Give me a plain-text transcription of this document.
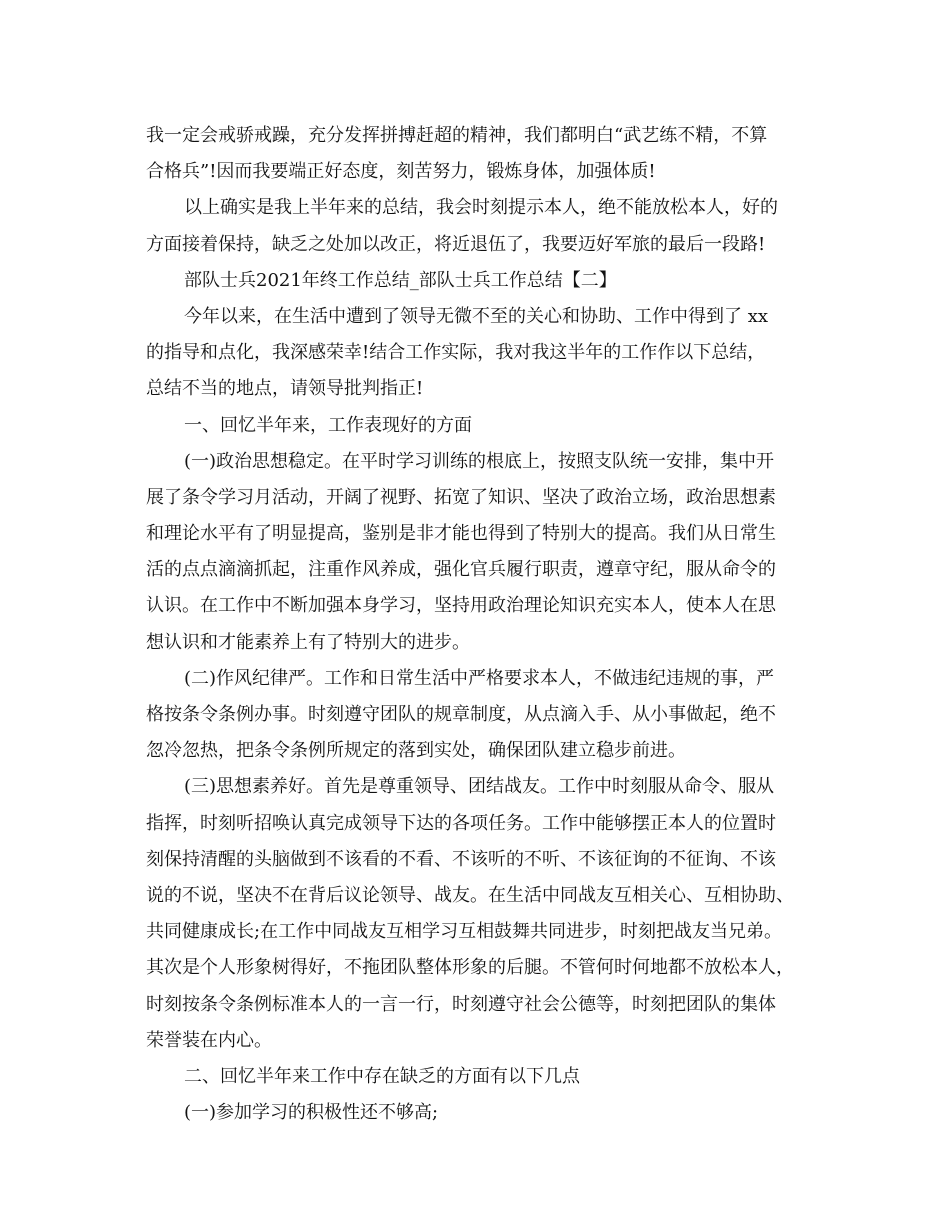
我一定会戒骄戒躁，充分发挥拼搏赶超的精神，我们都明白“武艺练不精，不算
合格兵”!因而我要端正好态度，刻苦努力，锻炼身体，加强体质!
以上确实是我上半年来的总结，我会时刻提示本人，绝不能放松本人，好的
方面接着保持，缺乏之处加以改正，将近退伍了，我要迈好军旅的最后一段路!
部队士兵2021年终工作总结_部队士兵工作总结【二】
今年以来，在生活中遭到了领导无微不至的关心和协助、工作中得到了 xx
的指导和点化，我深感荣幸!结合工作实际，我对我这半年的工作作以下总结，
总结不当的地点，请领导批判指正!
一、回忆半年来，工作表现好的方面
(一)政治思想稳定。在平时学习训练的根底上，按照支队统一安排，集中开
展了条令学习月活动，开阔了视野、拓宽了知识、坚决了政治立场，政治思想素
和理论水平有了明显提高，鉴别是非才能也得到了特别大的提高。我们从日常生
活的点点滴滴抓起，注重作风养成，强化官兵履行职责，遵章守纪，服从命令的
认识。在工作中不断加强本身学习，坚持用政治理论知识充实本人，使本人在思
想认识和才能素养上有了特别大的进步。
(二)作风纪律严。工作和日常生活中严格要求本人，不做违纪违规的事，严
格按条令条例办事。时刻遵守团队的规章制度，从点滴入手、从小事做起，绝不
忽冷忽热，把条令条例所规定的落到实处，确保团队建立稳步前进。
(三)思想素养好。首先是尊重领导、团结战友。工作中时刻服从命令、服从
指挥，时刻听招唤认真完成领导下达的各项任务。工作中能够摆正本人的位置时
刻保持清醒的头脑做到不该看的不看、不该听的不听、不该征询的不征询、不该
说的不说，坚决不在背后议论领导、战友。在生活中同战友互相关心、互相协助、
共同健康成长;在工作中同战友互相学习互相鼓舞共同进步，时刻把战友当兄弟。
其次是个人形象树得好，不拖团队整体形象的后腿。不管何时何地都不放松本人，
时刻按条令条例标准本人的一言一行，时刻遵守社会公德等，时刻把团队的集体
荣誉装在内心。
二、回忆半年来工作中存在缺乏的方面有以下几点
(一)参加学习的积极性还不够高;
